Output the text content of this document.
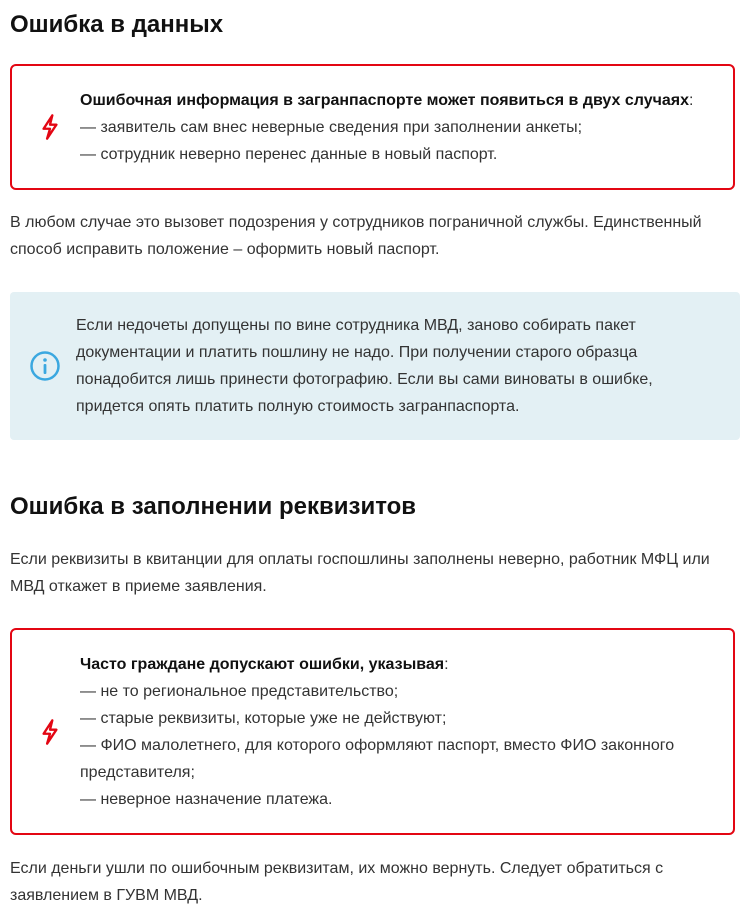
Ошибка в данных
Ошибочная информация в загранпаспорте может появиться в двух случаях:
— заявитель сам внес неверные сведения при заполнении анкеты;
— сотрудник неверно перенес данные в новый паспорт.

В любом случае это вызовет подозрения у сотрудников пограничной службы. Единственный способ исправить положение – оформить новый паспорт.

Если недочеты допущены по вине сотрудника МВД, заново собирать пакет документации и платить пошлину не надо. При получении старого образца понадобится лишь принести фотографию. Если вы сами виноваты в ошибке, придется опять платить полную стоимость загранпаспорта.
Ошибка в заполнении реквизитов

Если реквизиты в квитанции для оплаты госпошлины заполнены неверно, работник МФЦ или МВД откажет в приеме заявления.

Часто граждане допускают ошибки, указывая:
— не то региональное представительство;
— старые реквизиты, которые уже не действуют;
— ФИО малолетнего, для которого оформляют паспорт, вместо ФИО законного представителя;
— неверное назначение платежа.

Если деньги ушли по ошибочным реквизитам, их можно вернуть. Следует обратиться с заявлением в ГУВМ МВД.
